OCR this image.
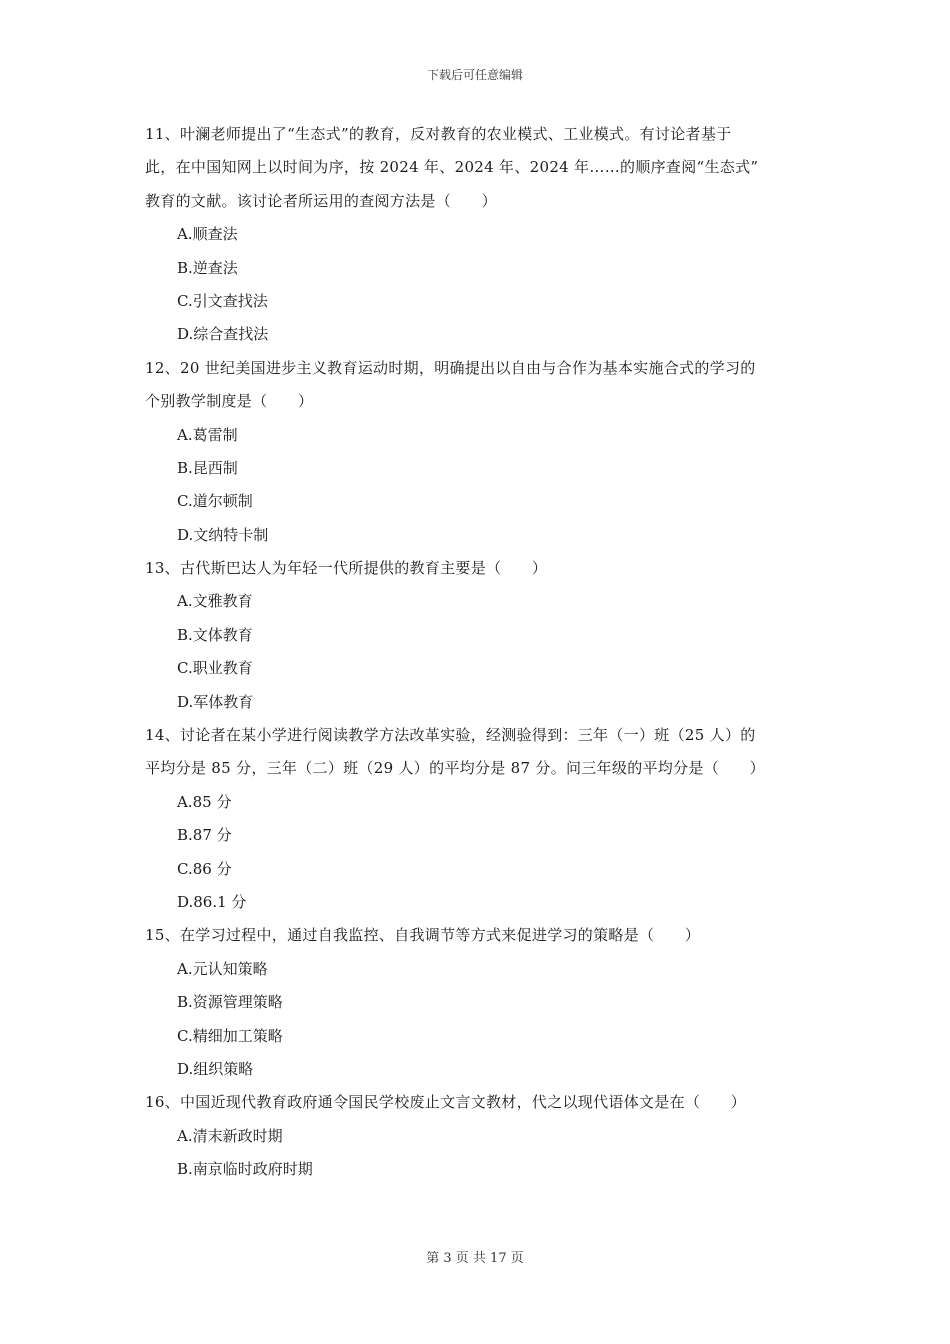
下载后可任意编辑
11、叶澜老师提出了“生态式”的教育，反对教育的农业模式、工业模式。有讨论者基于
此，在中国知网上以时间为序，按 2024 年、2024 年、2024 年……的顺序查阅“生态式”
教育的文献。该讨论者所运用的查阅方法是（　　）
A.顺查法
B.逆查法
C.引文查找法
D.综合查找法
12、20 世纪美国进步主义教育运动时期，明确提出以自由与合作为基本实施合式的学习的
个别教学制度是（　　）
A.葛雷制
B.昆西制
C.道尔顿制
D.文纳特卡制
13、古代斯巴达人为年轻一代所提供的教育主要是（　　）
A.文雅教育
B.文体教育
C.职业教育
D.军体教育
14、讨论者在某小学进行阅读教学方法改革实验，经测验得到：三年（一）班（25 人）的
平均分是 85 分，三年（二）班（29 人）的平均分是 87 分。问三年级的平均分是（　　）
A.85 分
B.87 分
C.86 分
D.86.1 分
15、在学习过程中，通过自我监控、自我调节等方式来促进学习的策略是（　　）
A.元认知策略
B.资源管理策略
C.精细加工策略
D.组织策略
16、中国近现代教育政府通令国民学校废止文言文教材，代之以现代语体文是在（　　）
A.清末新政时期
B.南京临时政府时期
第 3 页 共 17 页
